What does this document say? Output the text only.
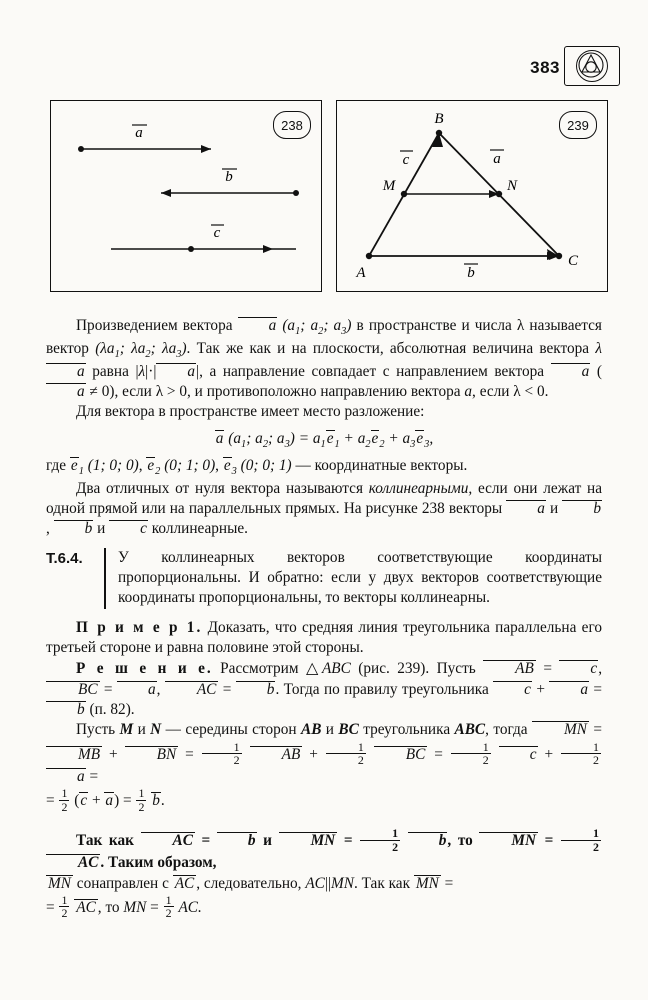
383
238
a
b
c
239
B
A
C
M	N
c	a
b

Произведением вектора a ($a_1$; $a_2$; $a_3$) в пространстве и числа λ называется вектор ($\lambda a_1$; $\lambda a_2$; $\lambda a_3$). Так же как и на плоскости, абсолютная величина вектора λa равна |λ|·| a|, а направление совпадает с направлением вектора a (a ≠ 0), если λ > 0, и противоположно направлению вектора a, если λ < 0.

Для вектора в пространстве имеет место разложение:

a ($a_1$; $a_2$; $a_3) = a_1e_1 + a_2e_2 + a_3e_3$,

где $e_1$ (1; 0; 0), $e_2$ (0; 1; 0), $e_3$ (0; 0; 1) — координатные векторы.

Два отличных от нуля вектора называются коллинеарными, если они лежат на одной прямой или на параллельных прямых. На рисунке 238 векторы a и b, b и c коллинеарные.

Т.6.4.	У коллинеарных векторов соответствующие координаты пропорциональны. И обратно: если у двух векторов соответствующие координаты пропорциональны, то векторы коллинеарны.

П р и м е р 1. Доказать, что средняя линия треугольника параллельна его третьей стороне и равна половине этой стороны.

Р е ш е н и е. Рассмотрим △ABC (рис. 239). Пусть AB = c, BC = a, AC = b. Тогда по правилу треугольника c + a = b (п. 82).

Пусть M и N — середины сторон AB и BC треугольника ABC, тогда MN = MB + BN = $\frac{1}{2}$	AB + $\frac{1}{2}$	BC = $\frac{1}{2}$	$c + \frac{1}{2}$
a =

= $\frac{1}{2} (c + a) = \frac{1}{2} b$.

Так как	AC = b и MN = $\frac{1}{2}$	b, то MN = $\frac{1}{2}$
AC . Таким образом,

MN сонаправлен с AC , следовательно, AC||MN. Так как MN =

= $\frac{1}{2}$ AC , то MN = $\frac{1}{2}$ AC.
